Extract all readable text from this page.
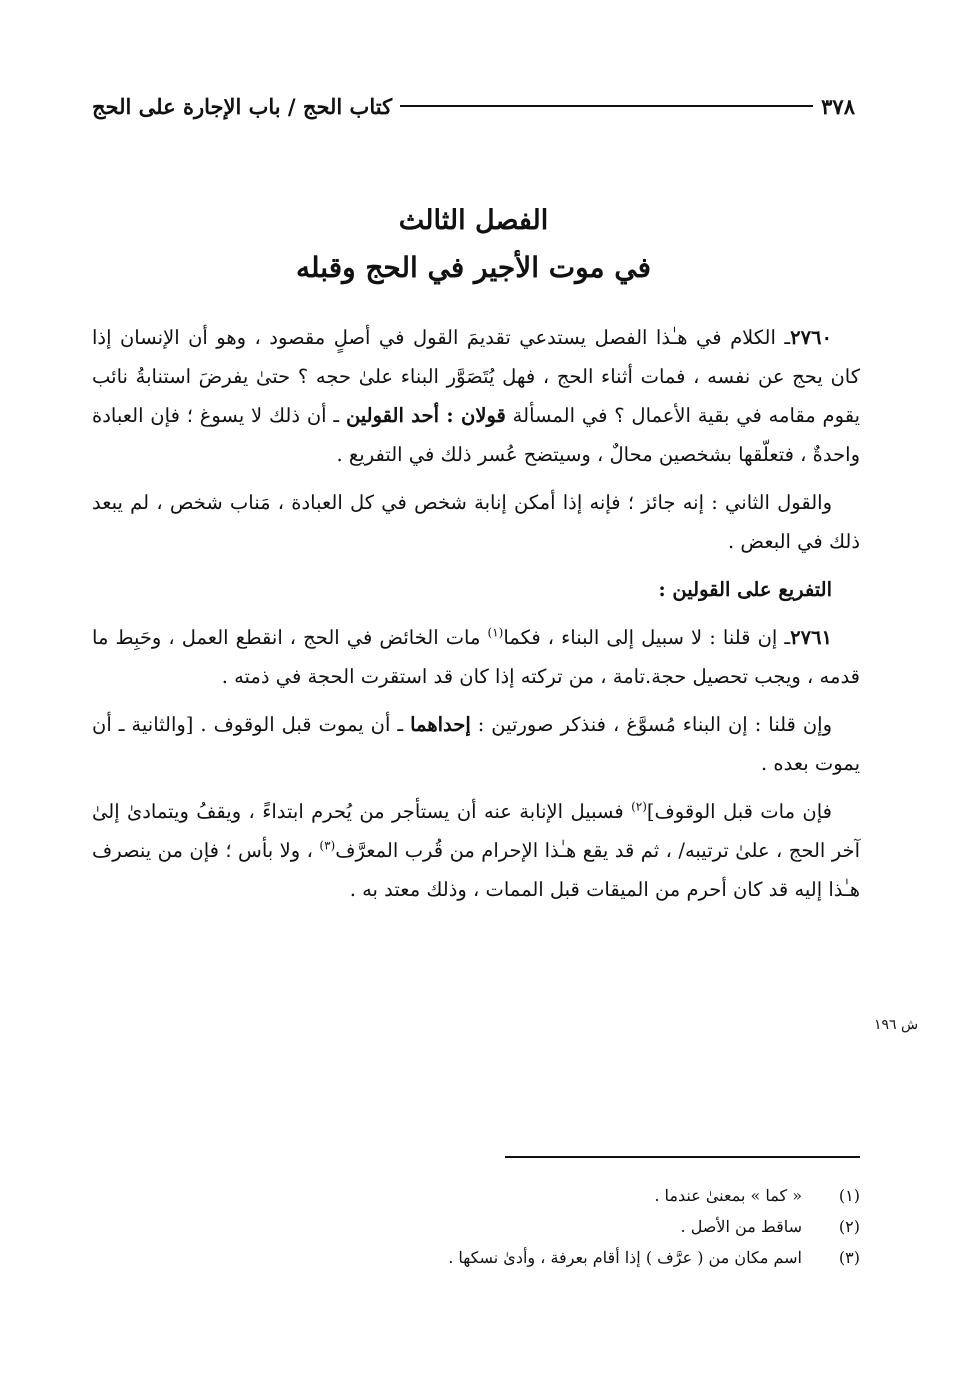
٣٧٨
كتاب الحج / باب الإجارة على الحج
الفصل الثالث
في موت الأجير في الحج وقبله

٢٧٦٠ـ الكلام في هـٰذا الفصل يستدعي تقديمَ القول في أصلٍ مقصود ، وهو أن الإنسان إذا كان يحج عن نفسه ، فمات أثناء الحج ، فهل يُتَصَوَّر البناء علىٰ حجه ؟ حتىٰ يفرضَ استنابةُ نائب يقوم مقامه في بقية الأعمال ؟ في المسألة قولان : أحد القولين ـ أن ذلك لا يسوغ ؛ فإن العبادة واحدةٌ ، فتعلّقها بشخصين محالٌ ، وسيتضح عُسر ذلك في التفريع .

والقول الثاني : إنه جائز ؛ فإنه إذا أمكن إنابة شخص في كل العبادة ، مَناب شخص ، لم يبعد ذلك في البعض .

التفريع على القولين :

٢٧٦١ـ إن قلنا : لا سبيل إلى البناء ، فكما$^{(١)}$ مات الخائض في الحج ، انقطع العمل ، وحَبِط ما قدمه ، ويجب تحصيل حجة.تامة ، من تركته إذا كان قد استقرت الحجة في ذمته .

وإن قلنا : إن البناء مُسوَّغ ، فنذكر صورتين : إحداهما ـ أن يموت قبل الوقوف . [والثانية ـ أن يموت بعده .

فإن مات قبل الوقوف]$^{(٢)}$ فسبيل الإنابة عنه أن يستأجر من يُحرم ابتداءً ، ويقفُ ويتمادىٰ إلىٰ آخر الحج ، علىٰ ترتيبه/ ، ثم قد يقع هـٰذا الإحرام من قُرب المعرَّف$^{(٣)}$ ، ولا بأس ؛ فإن من ينصرف هـٰذا إليه قد كان أحرم من الميقات قبل الممات ، وذلك معتد به .

ش ١٩٦
(١)
« كما » بمعنىٰ عندما .
(٢)
ساقط من الأصل .
(٣)
اسم مكان من ( عرَّف ) إذا أقام بعرفة ، وأدىٰ نسكها .
